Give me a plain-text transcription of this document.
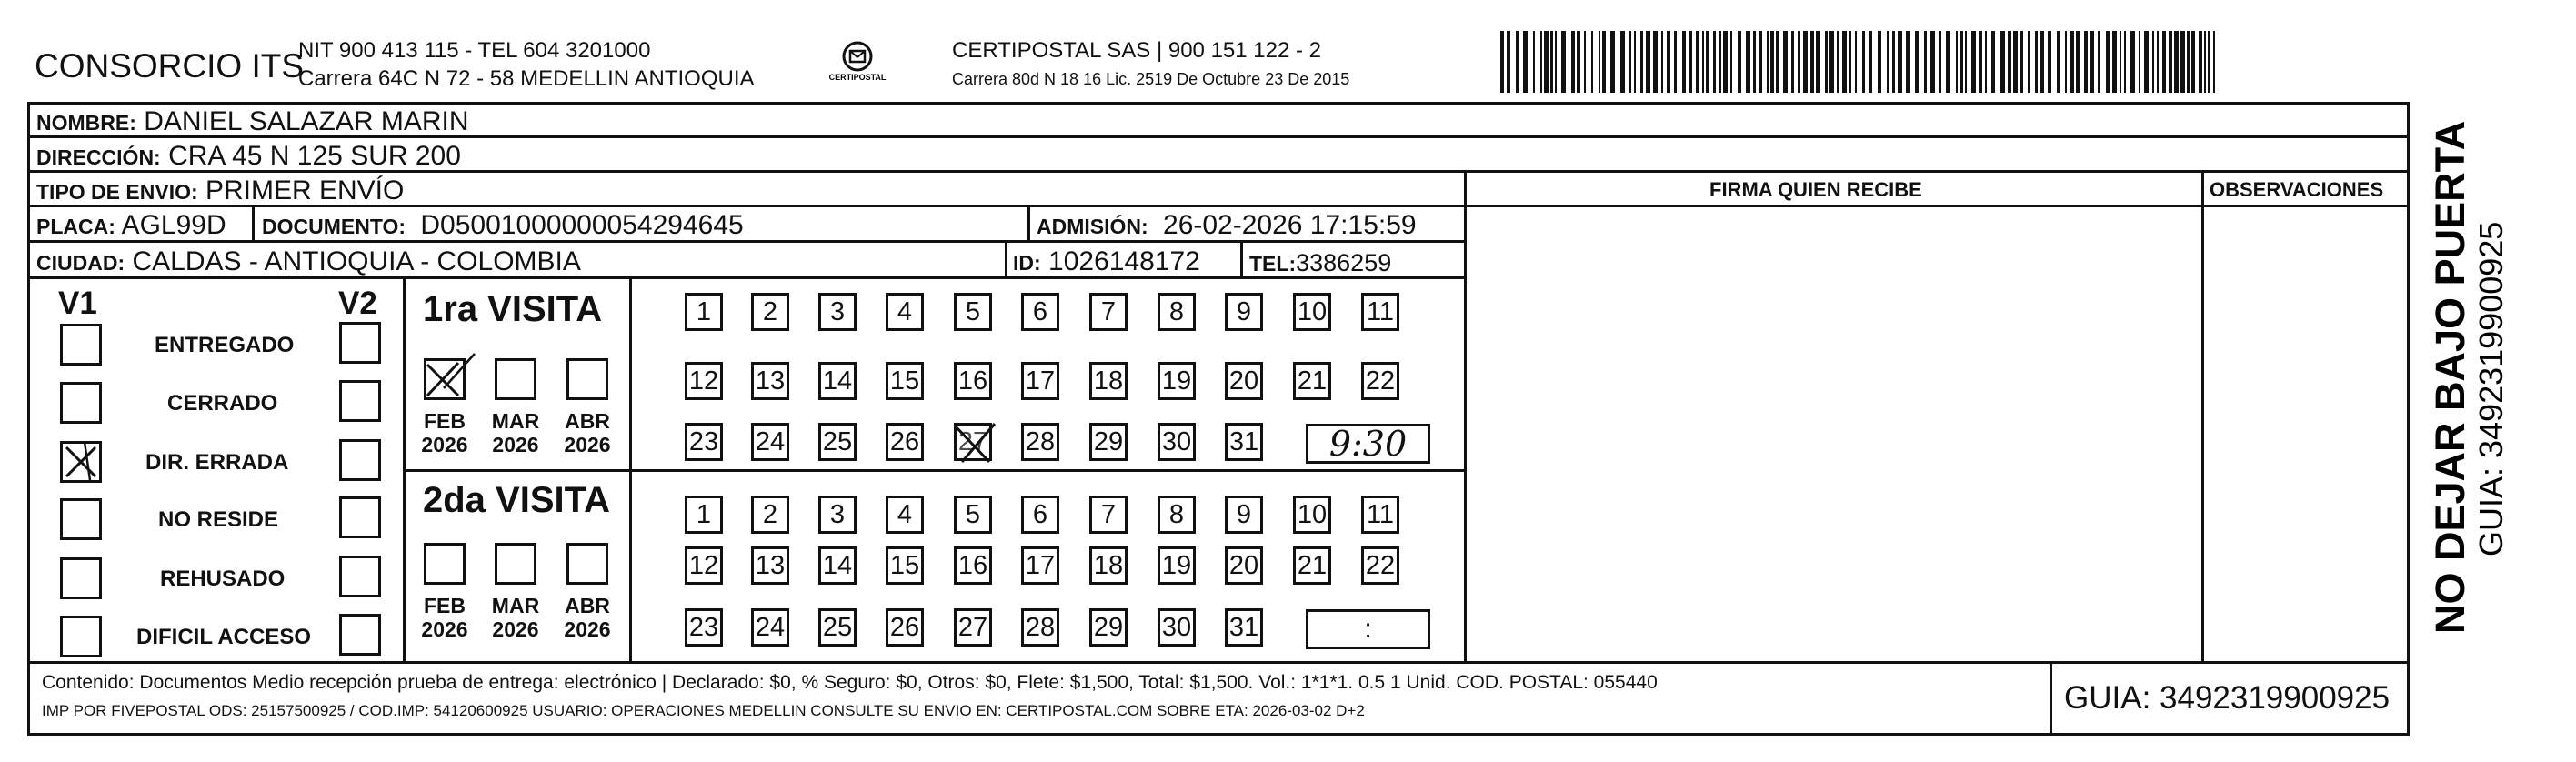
CONSORCIO ITS
NIT 900 413 115 - TEL 604 3201000
Carrera 64C N 72 - 58 MEDELLIN ANTIOQUIA	CERTIPOSTAL
CERTIPOSTAL SAS | 900 151 122 - 2
Carrera 80d N 18 16 Lic. 2519 De Octubre 23 De 2015
FIRMA QUIEN RECIBE	OBSERVACIONES
NOMBRE: DANIEL SALAZAR MARIN
DIRECCIÓN: CRA 45 N 125 SUR 200
TIPO DE ENVIO: PRIMER ENVÍO
PLACA: AGL99D DOCUMENTO: D05001000000054294645	ADMISIÓN: 26-02-2026 17:15:59
CIUDAD: CALDAS - ANTIOQUIA - COLOMBIA	ID: 1026148172 TEL:3386259
V1	V2
ENTREGADO
CERRADO
DIR. ERRADA
NO RESIDE
REHUSADO
DIFICIL ACCESO
1ra VISITA
2da VISITA
FEB
2026
MAR
2026
ABR
2026
FEB
2026
MAR
2026
ABR
2026
1	2	3	4	5	6	7	8	9	10 11
12 13 14 15 16 17 18 19 20 21 22
23 24 25 26 27 28 29 30 31 9:30
1	2	3	4	5	6	7	8	9	10 11
12 13 14 15 16 17 18 19 20 21 22
23 24 25 26 27 28 29 30 31	:
Contenido: Documentos Medio recepción prueba de entrega: electrónico | Declarado: $0, % Seguro: $0, Otros: $0, Flete: $1,500, Total: $1,500. Vol.: 1*1*1. 0.5 1 Unid. COD. POSTAL: 055440
IMP POR FIVEPOSTAL ODS: 25157500925 / COD.IMP: 54120600925 USUARIO: OPERACIONES MEDELLIN CONSULTE SU ENVIO EN: CERTIPOSTAL.COM SOBRE ETA: 2026-03-02 D+2	GUIA: 3492319900925
NO DEJAR BAJO PUERTA GUIA: 3492319900925
